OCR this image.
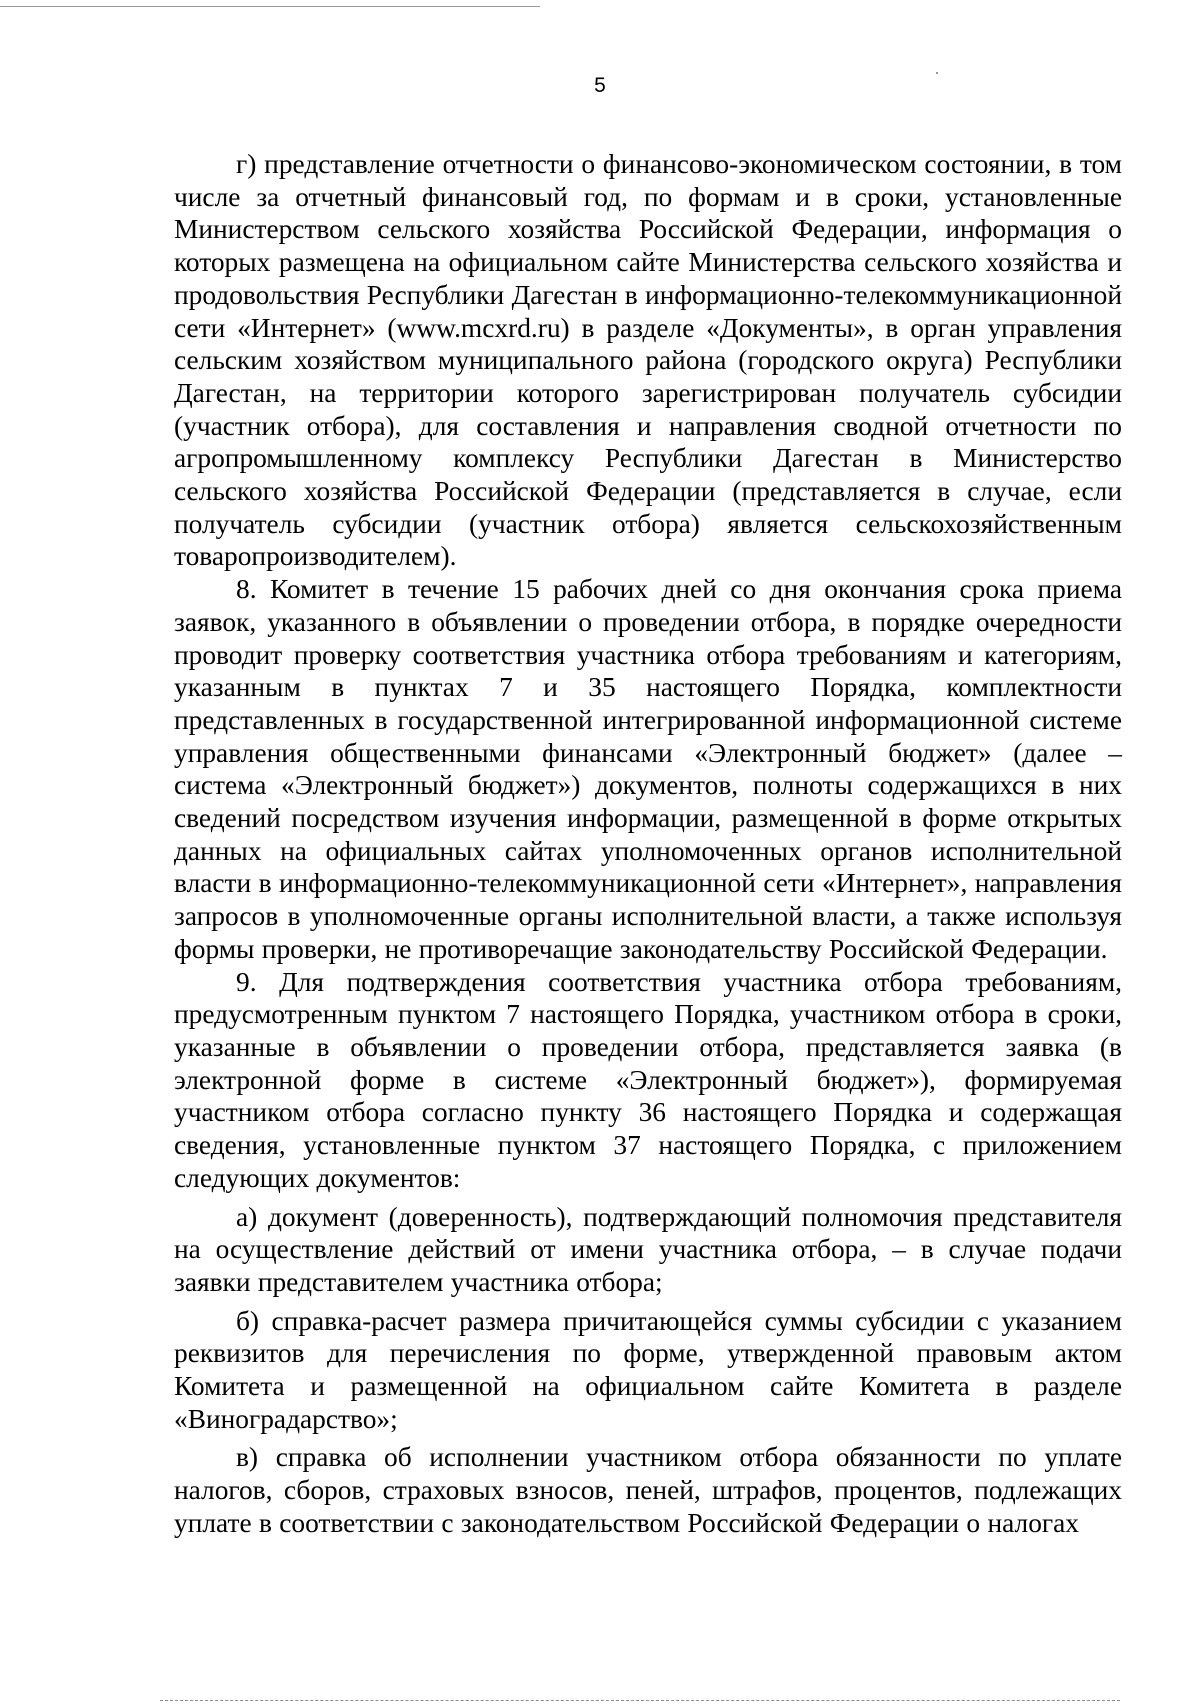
5

г) представление отчетности о финансово-экономическом состоянии, в том числе за отчетный финансовый год, по формам и в сроки, установленные Министерством сельского хозяйства Российской Федерации, информация о которых размещена на официальном сайте Министерства сельского хозяйства и продовольствия Республики Дагестан в информационно-телекоммуникационной сети «Интернет» (www.mcxrd.ru) в разделе «Документы», в орган управления сельским хозяйством муниципального района (городского округа) Республики Дагестан, на территории которого зарегистрирован получатель субсидии (участник отбора), для составления и направления сводной отчетности по агропромышленному комплексу Республики Дагестан в Министерство сельского хозяйства Российской Федерации (представляется в случае, если получатель субсидии (участник отбора) является сельскохозяйственным товаропроизводителем).

8. Комитет в течение 15 рабочих дней со дня окончания срока приема заявок, указанного в объявлении о проведении отбора, в порядке очередности проводит проверку соответствия участника отбора требованиям и категориям, указанным в пунктах 7 и 35 настоящего Порядка, комплектности представленных в государственной интегрированной информационной системе управления общественными финансами «Электронный бюджет» (далее – система «Электронный бюджет») документов, полноты содержащихся в них сведений посредством изучения информации, размещенной в форме открытых данных на официальных сайтах уполномоченных органов исполнительной власти в информационно-телекоммуникационной сети «Интернет», направления запросов в уполномоченные органы исполнительной власти, а также используя формы проверки, не противоречащие законодательству Российской Федерации.

9. Для подтверждения соответствия участника отбора требованиям, предусмотренным пунктом 7 настоящего Порядка, участником отбора в сроки, указанные в объявлении о проведении отбора, представляется заявка (в электронной форме в системе «Электронный бюджет»), формируемая участником отбора согласно пункту 36 настоящего Порядка и содержащая сведения, установленные пунктом 37 настоящего Порядка, с приложением следующих документов:

а) документ (доверенность), подтверждающий полномочия представителя на осуществление действий от имени участника отбора, – в случае подачи заявки представителем участника отбора;

б) справка-расчет размера причитающейся суммы субсидии с указанием реквизитов для перечисления по форме, утвержденной правовым актом Комитета и размещенной на официальном сайте Комитета в разделе «Виноградарство»;

в) справка об исполнении участником отбора обязанности по уплате налогов, сборов, страховых взносов, пеней, штрафов, процентов, подлежащих уплате в соответствии с законодательством Российской Федерации о налогах
